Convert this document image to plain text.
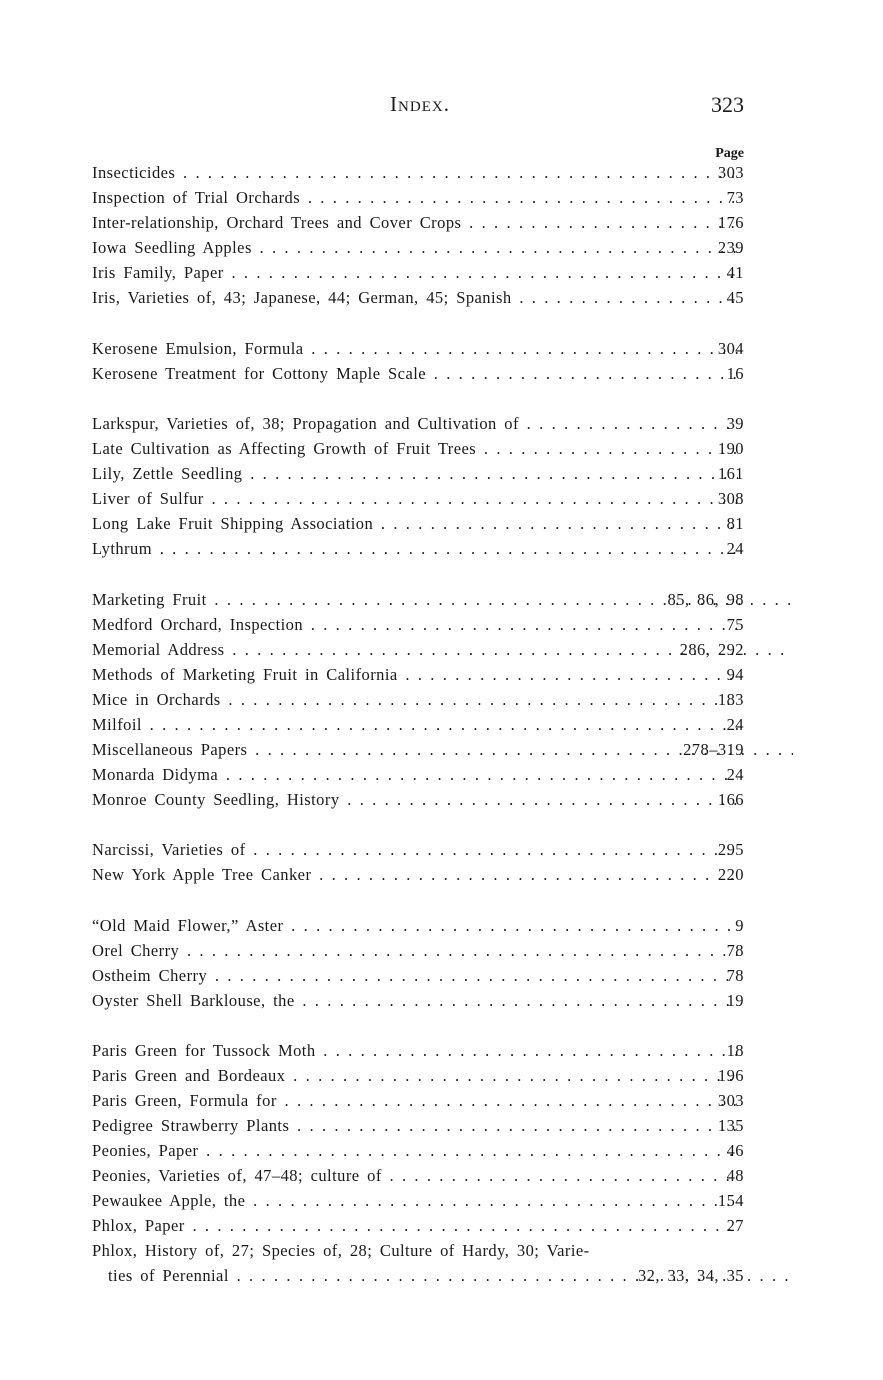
Index.	323
Page
Insecticides . . .	303
Inspection of Trial Orchards . . .	73
Inter-relationship, Orchard Trees and Cover Crops . . .	176
Iowa Seedling Apples . . .	239
Iris Family, Paper . . .	41
Iris, Varieties of, 43; Japanese, 44; German, 45; Spanish . . .	45
Kerosene Emulsion, Formula . . .	304
Kerosene Treatment for Cottony Maple Scale . . .	16
Larkspur, Varieties of, 38; Propagation and Cultivation of . . .	39
Late Cultivation as Affecting Growth of Fruit Trees . . .	190
Lily, Zettle Seedling . . .	161
Liver of Sulfur . . .	308
Long Lake Fruit Shipping Association . . .	81
Lythrum . . .	24
Marketing Fruit . . .	85, 86, 98
Medford Orchard, Inspection . . .	75
Memorial Address . . .	286, 292
Methods of Marketing Fruit in California . . .	94
Mice in Orchards . . .	183
Milfoil . . .	24
Miscellaneous Papers . . .	278–319
Monarda Didyma . . .	24
Monroe County Seedling, History . . .	166
Narcissi, Varieties of . . .	295
New York Apple Tree Canker . . .	220
“Old Maid Flower,” Aster . . .	9
Orel Cherry . . .	78
Ostheim Cherry . . .	78
Oyster Shell Barklouse, the . . .	19
Paris Green for Tussock Moth . . .	18
Paris Green and Bordeaux . . .	196
Paris Green, Formula for . . .	303
Pedigree Strawberry Plants . . .	135
Peonies, Paper . . .	46
Peonies, Varieties of, 47–48; culture of . . .	48
Pewaukee Apple, the . . .	154
Phlox, Paper . . .	27
Phlox, History of, 27; Species of, 28; Culture of Hardy, 30; Varie-
ties of Perennial . . .	32, 33, 34, 35
